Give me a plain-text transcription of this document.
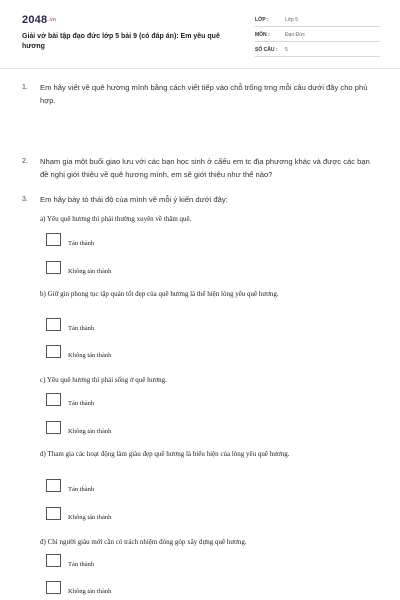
2048.vn
Giải vở bài tập đạo đức lớp 5 bài 9 (có đáp án): Em yêu quê hương
LỚP :	Lớp 5
MÔN :	Đạo Đức
SỐ CÂU : 5
1. Em hãy viết về quê hương mình bằng cách viết tiếp vào chỗ trống trng mỗi câu dưới đây cho phù hợp.
2. Nham gia một buổi giao lưu với các bạn học sinh ở cấếu em tc địa phương khác và được các bạn đề nghị giới thiệu về quê hương mình, em sẽ giới thiệu như thế nào?
3. Em hãy bày tỏ thái độ của mình về mỗi ý kiến dưới đây:
a) Yêu quê hương thì phải thường xuyên về thăm quê.
Tán thành
Không tán thành
b) Giữ gìn phong tục tập quán tốt đẹp của quê hương là thể hiện lòng yêu quê hương.
Tán thành
Không tán thành
c) Yêu quê hương thì phải sống ở quê hương.
Tán thành
Không tán thành
d) Tham gia các hoạt động làm giàu đẹp quê hương là biểu hiện của lòng yêu quê hương.
Tán thành
Không tán thành
đ) Chỉ người giàu mới cần có trách nhiệm đóng góp xây dựng quê hương.
Tán thành
Không tán thành
